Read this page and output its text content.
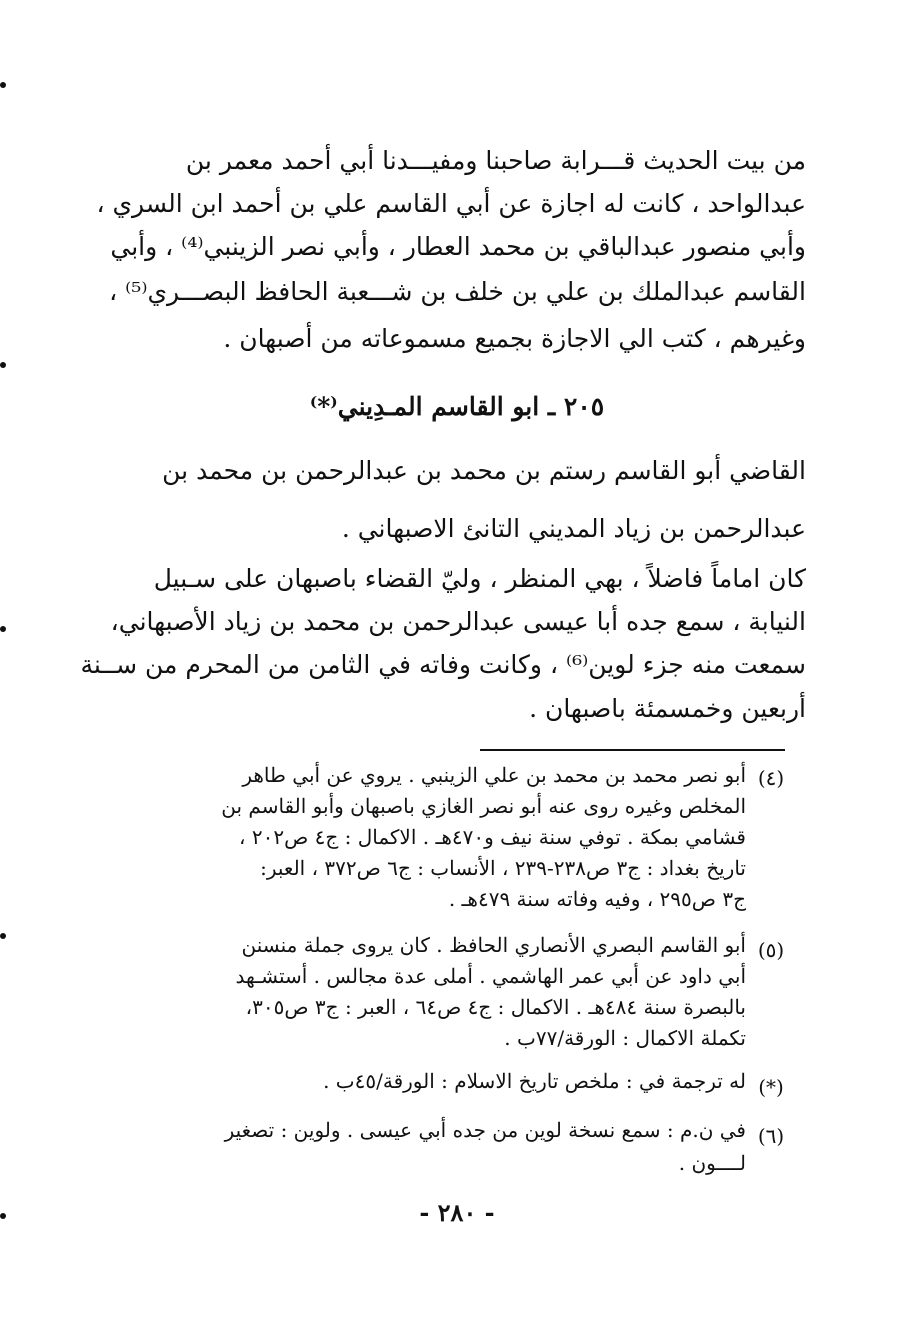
من بيت الحديث قـــرابة صاحبنا ومفيـــدنا أبي أحمد معمر بن
عبدالواحد ، كانت له اجازة عن أبي القاسم علي بن أحمد ابن السري ،
وأبي منصور عبدالباقي بن محمد العطار ، وأبي نصر الزينبي⁽⁴⁾ ، وأبي
القاسم عبدالملك بن علي بن خلف بن شـــعبة الحافظ البصـــري⁽⁵⁾ ،
وغيرهم ، كتب الي الاجازة بجميع مسموعاته من أصبهان .
٢٠٥ ـ ابو القاسم المـدِيني⁽*⁾
القاضي أبو القاسم رستم بن محمد بن عبدالرحمن بن محمد بن
عبدالرحمن بن زياد المديني التانئ الاصبهاني .
كان اماماً فاضلاً ، بهي المنظر ، وليّ القضاء باصبهان على سـبيل
النيابة ، سمع جده أبا عيسى عبدالرحمن بن محمد بن زياد الأصبهاني،
سمعت منه جزء لوين⁽⁶⁾ ، وكانت وفاته في الثامن من المحرم من ســنة
أربعين وخمسمئة باصبهان .
(٤)
أبو نصر محمد بن محمد بن علي الزينبي . يروي عن أبي طاهر
المخلص وغيره روى عنه أبو نصر الغازي باصبهان وأبو القاسم بن
قشامي بمكة . توفي سنة نيف و٤٧٠هـ . الاكمال : ج٤ ص٢٠٢ ،
تاريخ بغداد : ج٣ ص٢٣٨-٢٣٩ ، الأنساب : ج٦ ص٣٧٢ ، العبر:
ج٣ ص٢٩٥ ، وفيه وفاته سنة ٤٧٩هـ .
(٥)
أبو القاسم البصري الأنصاري الحافظ . كان يروى جملة منسنن
أبي داود عن أبي عمر الهاشمي . أملى عدة مجالس . أستشـهد
بالبصرة سنة ٤٨٤هـ . الاكمال : ج٤ ص٦٤ ، العبر : ج٣ ص٣٠٥،
تكملة الاكمال : الورقة/٧٧ب .
(*)
له ترجمة في : ملخص تاريخ الاسلام : الورقة/٤٥ب .
(٦)
في ن.م : سمع نسخة لوين من جده أبي عيسى . ولوين : تصغير
لــــون .
- ٢٨٠ -
